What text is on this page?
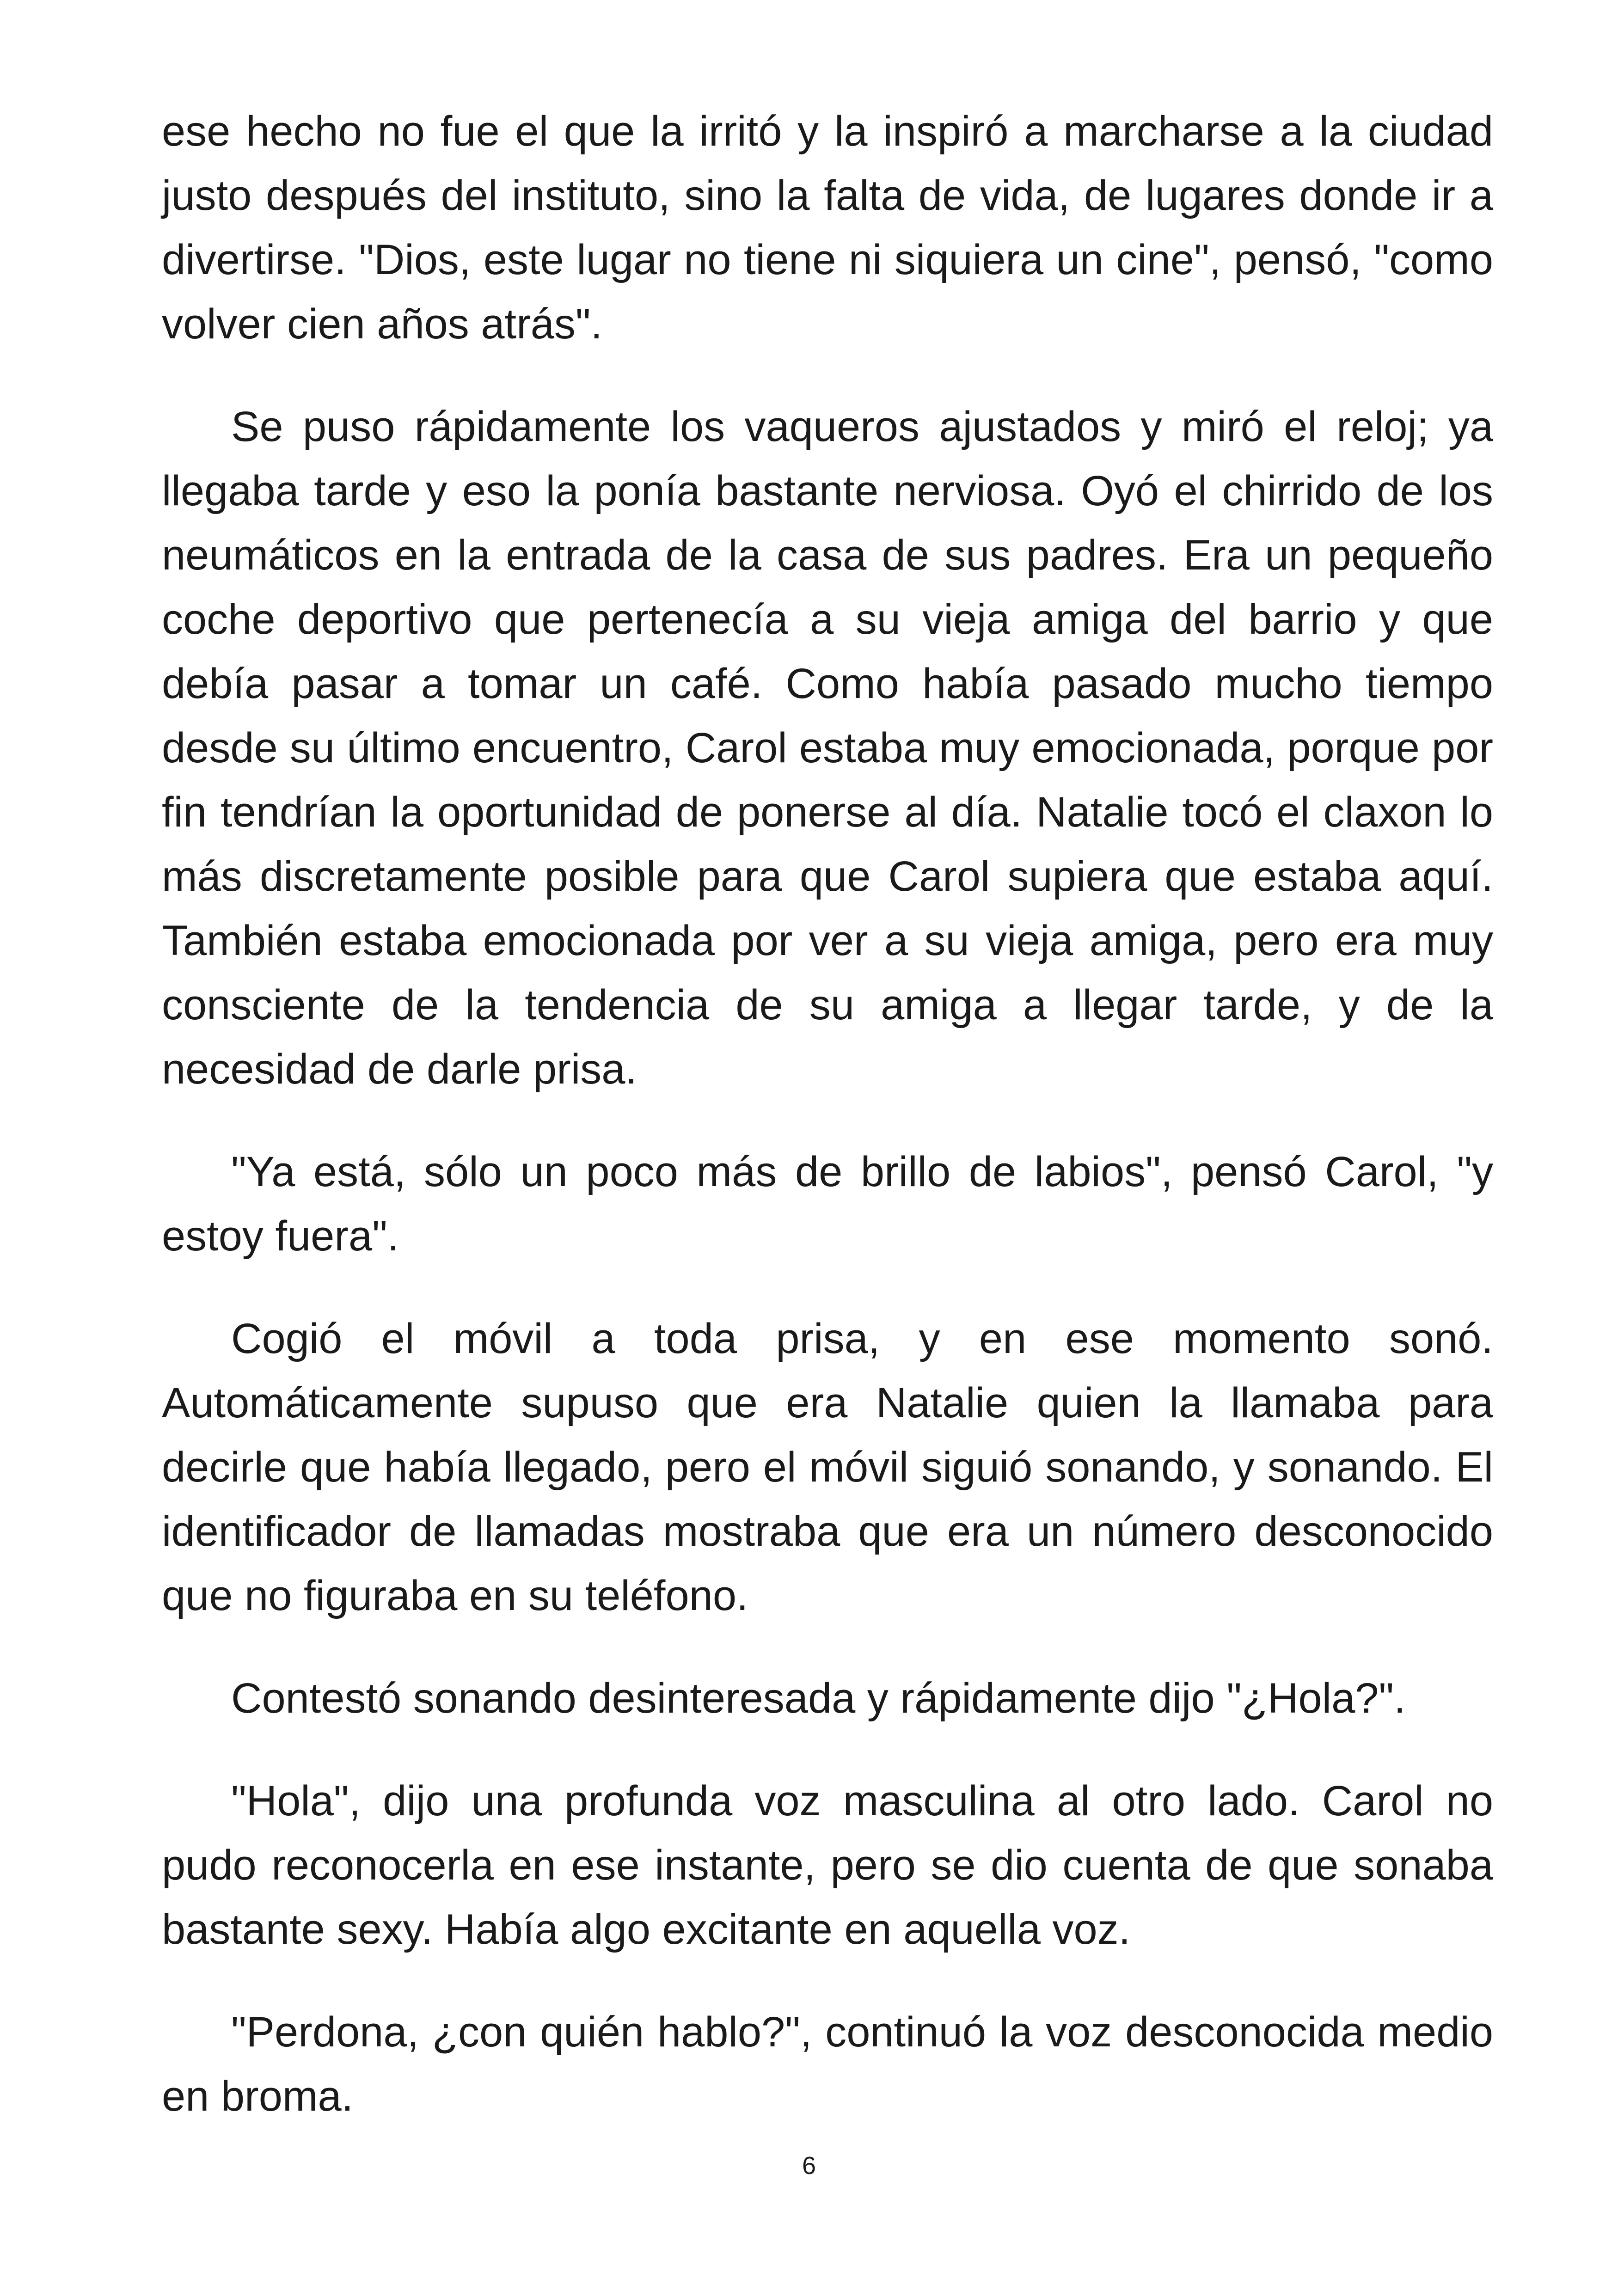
ese hecho no fue el que la irritó y la inspiró a marcharse a la ciudad justo después del instituto, sino la falta de vida, de lugares donde ir a divertirse. "Dios, este lugar no tiene ni siquiera un cine", pensó, "como volver cien años atrás".

Se puso rápidamente los vaqueros ajustados y miró el reloj; ya llegaba tarde y eso la ponía bastante nerviosa. Oyó el chirrido de los neumáticos en la entrada de la casa de sus padres. Era un pequeño coche deportivo que pertenecía a su vieja amiga del barrio y que debía pasar a tomar un café. Como había pasado mucho tiempo desde su último encuentro, Carol estaba muy emocionada, porque por fin tendrían la oportunidad de ponerse al día. Natalie tocó el claxon lo más discretamente posible para que Carol supiera que estaba aquí. También estaba emocionada por ver a su vieja amiga, pero era muy consciente de la tendencia de su amiga a llegar tarde, y de la necesidad de darle prisa.

"Ya está, sólo un poco más de brillo de labios", pensó Carol, "y estoy fuera".

Cogió el móvil a toda prisa, y en ese momento sonó. Automáticamente supuso que era Natalie quien la llamaba para decirle que había llegado, pero el móvil siguió sonando, y sonando. El identificador de llamadas mostraba que era un número desconocido que no figuraba en su teléfono.

Contestó sonando desinteresada y rápidamente dijo "¿Hola?".

"Hola", dijo una profunda voz masculina al otro lado. Carol no pudo reconocerla en ese instante, pero se dio cuenta de que sonaba bastante sexy. Había algo excitante en aquella voz.

"Perdona, ¿con quién hablo?", continuó la voz desconocida medio en broma.

6
